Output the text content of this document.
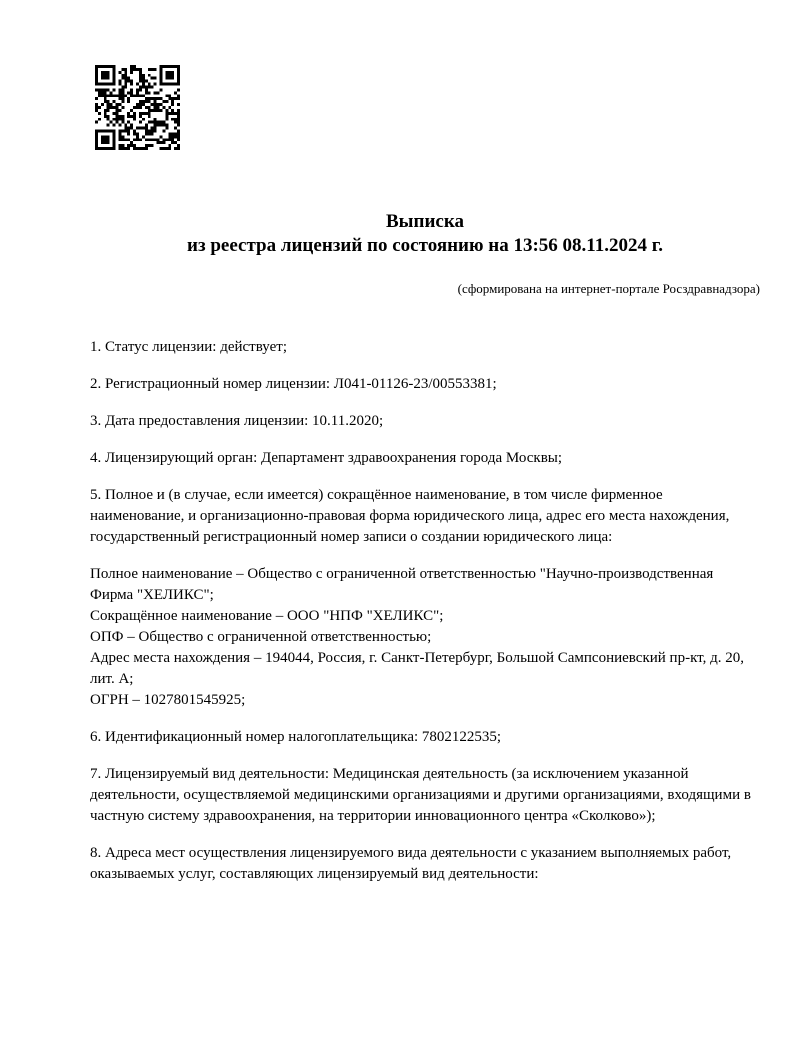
Выписка
из реестра лицензий по состоянию на 13:56 08.11.2024 г.
(сформирована на интернет-портале Росздравнадзора)

1. Статус лицензии: действует;

2. Регистрационный номер лицензии: Л041-01126-23/00553381;

3. Дата предоставления лицензии: 10.11.2020;

4. Лицензирующий орган: Департамент здравоохранения города Москвы;

5. Полное и (в случае, если имеется) сокращённое наименование, в том числе фирменное наименование, и организационно-правовая форма юридического лица, адрес его места нахождения, государственный регистрационный номер записи о создании юридического лица:

Полное наименование – Общество с ограниченной ответственностью "Научно-производственная Фирма "ХЕЛИКС";
Сокращённое наименование – ООО "НПФ "ХЕЛИКС";
ОПФ – Общество с ограниченной ответственностью;
Адрес места нахождения – 194044, Россия, г. Санкт-Петербург, Большой Сампсониевский пр-кт, д. 20, лит. А;
ОГРН – 1027801545925;

6. Идентификационный номер налогоплательщика: 7802122535;

7. Лицензируемый вид деятельности: Медицинская деятельность (за исключением указанной деятельности, осуществляемой медицинскими организациями и другими организациями, входящими в частную систему здравоохранения, на территории инновационного центра «Сколково»);

8. Адреса мест осуществления лицензируемого вида деятельности с указанием выполняемых работ, оказываемых услуг, составляющих лицензируемый вид деятельности:
